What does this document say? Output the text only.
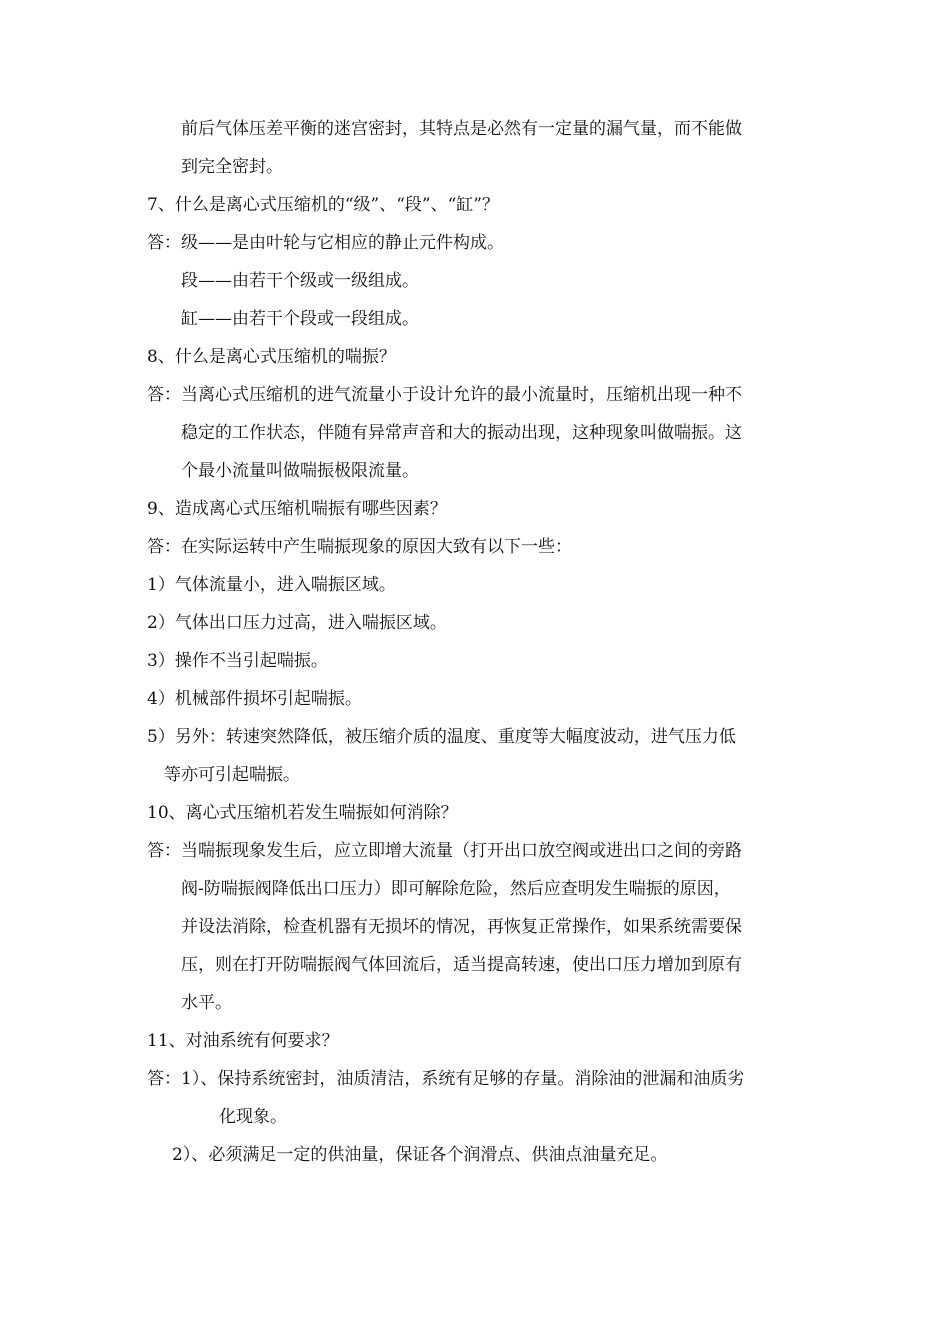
前后气体压差平衡的迷宫密封，其特点是必然有一定量的漏气量，而不能做
到完全密封。
7、什么是离心式压缩机的“级”、“段”、“缸”？
答：级——是由叶轮与它相应的静止元件构成。
段——由若干个级或一级组成。
缸——由若干个段或一段组成。
8、什么是离心式压缩机的喘振？
答：当离心式压缩机的进气流量小于设计允许的最小流量时，压缩机出现一种不
稳定的工作状态，伴随有异常声音和大的振动出现，这种现象叫做喘振。这
个最小流量叫做喘振极限流量。
9、造成离心式压缩机喘振有哪些因素？
答：在实际运转中产生喘振现象的原因大致有以下一些：
1）气体流量小，进入喘振区域。
2）气体出口压力过高，进入喘振区域。
3）操作不当引起喘振。
4）机械部件损坏引起喘振。
5）另外：转速突然降低，被压缩介质的温度、重度等大幅度波动，进气压力低
等亦可引起喘振。
10、离心式压缩机若发生喘振如何消除？
答：当喘振现象发生后，应立即增大流量（打开出口放空阀或进出口之间的旁路
阀-防喘振阀降低出口压力）即可解除危险，然后应查明发生喘振的原因，
并设法消除，检查机器有无损坏的情况，再恢复正常操作，如果系统需要保
压，则在打开防喘振阀气体回流后，适当提高转速，使出口压力增加到原有
水平。
11、对油系统有何要求？
答：1）、保持系统密封，油质清洁，系统有足够的存量。消除油的泄漏和油质劣
化现象。
2）、必须满足一定的供油量，保证各个润滑点、供油点油量充足。
